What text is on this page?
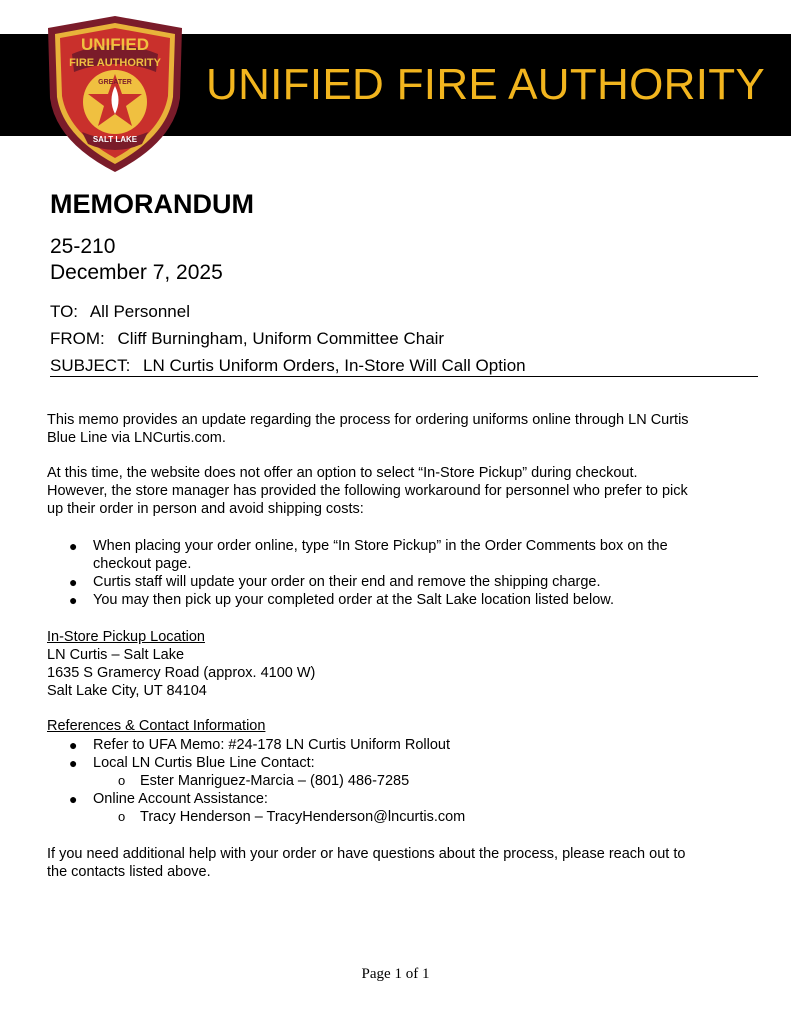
UNIFIED FIRE AUTHORITY
UNIFIED
FIRE AUTHORITY
GREATER
SALT LAKE
MEMORANDUM
25-210
December 7, 2025
TO: All Personnel
FROM: Cliff Burningham, Uniform Committee Chair
SUBJECT: LN Curtis Uniform Orders, In-Store Will Call Option
This memo provides an update regarding the process for ordering uniforms online through LN Curtis
Blue Line via LNCurtis.com.
At this time, the website does not offer an option to select “In-Store Pickup” during checkout.
However, the store manager has provided the following workaround for personnel who prefer to pick
up their order in person and avoid shipping costs:
● When placing your order online, type “In Store Pickup” in the Order Comments box on the
checkout page.
● Curtis staff will update your order on their end and remove the shipping charge.
● You may then pick up your completed order at the Salt Lake location listed below.
In-Store Pickup Location
LN Curtis – Salt Lake
1635 S Gramercy Road (approx. 4100 W)
Salt Lake City, UT 84104
References & Contact Information
● Refer to UFA Memo: #24-178 LN Curtis Uniform Rollout
● Local LN Curtis Blue Line Contact:
o Ester Manriguez-Marcia – (801) 486-7285
● Online Account Assistance:
o Tracy Henderson – TracyHenderson@lncurtis.com
If you need additional help with your order or have questions about the process, please reach out to
the contacts listed above.
Page 1 of 1
